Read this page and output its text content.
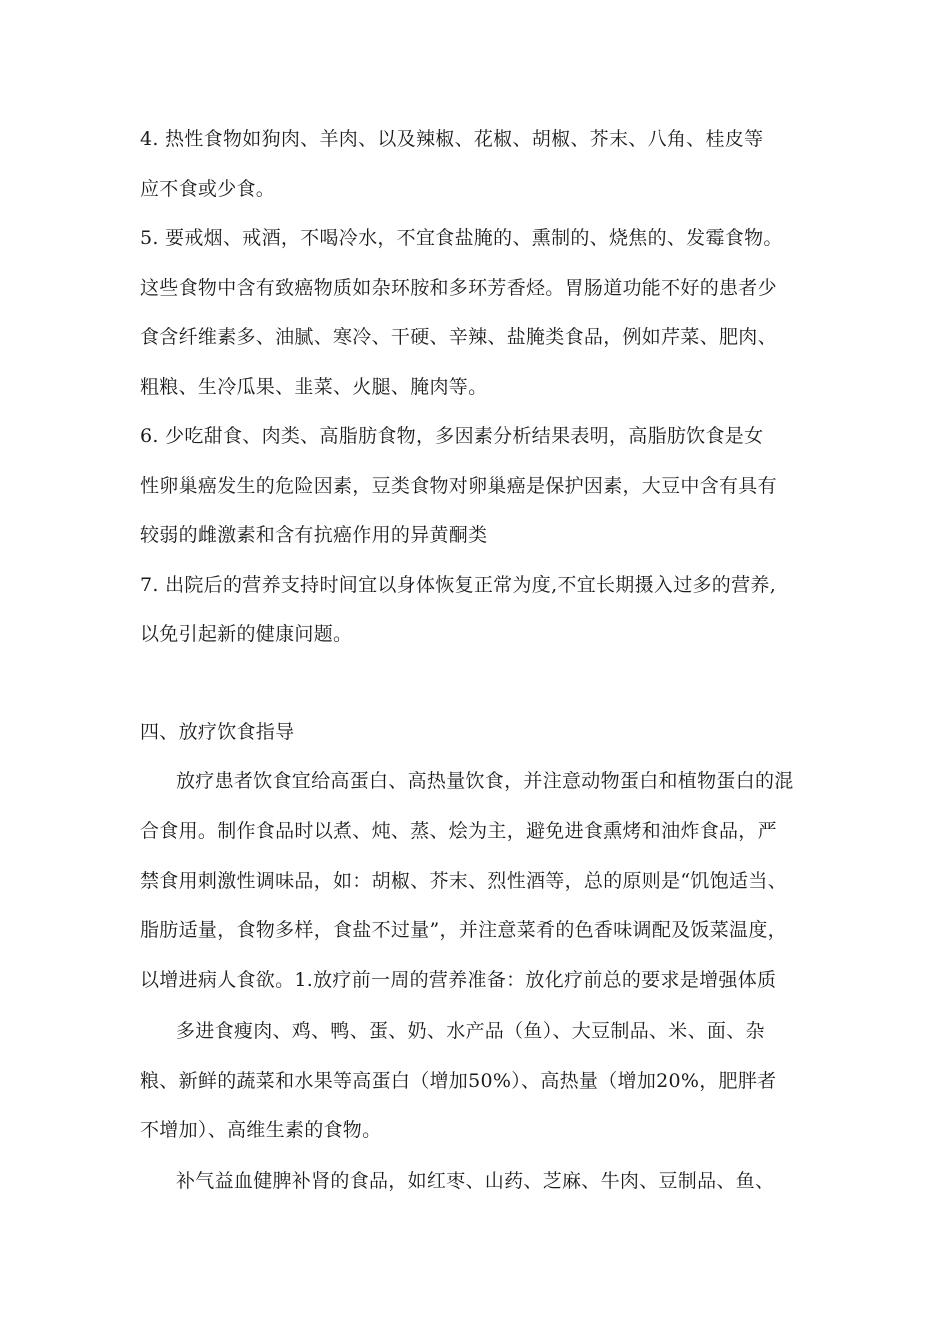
4. 热性食物如狗肉、羊肉、以及辣椒、花椒、胡椒、芥末、八角、桂皮等
应不食或少食。
5. 要戒烟、戒酒，不喝冷水，不宜食盐腌的、熏制的、烧焦的、发霉食物。
这些食物中含有致癌物质如杂环胺和多环芳香烃。胃肠道功能不好的患者少
食含纤维素多、油腻、寒冷、干硬、辛辣、盐腌类食品，例如芹菜、肥肉、
粗粮、生冷瓜果、韭菜、火腿、腌肉等。
6. 少吃甜食、肉类、高脂肪食物，多因素分析结果表明，高脂肪饮食是女
性卵巢癌发生的危险因素，豆类食物对卵巢癌是保护因素，大豆中含有具有
较弱的雌激素和含有抗癌作用的异黄酮类
7. 出院后的营养支持时间宜以身体恢复正常为度,不宜长期摄入过多的营养,
以免引起新的健康问题。
四、放疗饮食指导
放疗患者饮食宜给高蛋白、高热量饮食，并注意动物蛋白和植物蛋白的混
合食用。制作食品时以煮、炖、蒸、烩为主，避免进食熏烤和油炸食品，严
禁食用刺激性调味品，如：胡椒、芥末、烈性酒等，总的原则是“饥饱适当、
脂肪适量，食物多样，食盐不过量”，并注意菜肴的色香味调配及饭菜温度，
以增进病人食欲。1.放疗前一周的营养准备：放化疗前总的要求是增强体质
多进食瘦肉、鸡、鸭、蛋、奶、水产品（鱼）、大豆制品、米、面、杂
粮、新鲜的蔬菜和水果等高蛋白（增加50%）、高热量（增加20%，肥胖者
不增加）、高维生素的食物。
补气益血健脾补肾的食品，如红枣、山药、芝麻、牛肉、豆制品、鱼、
